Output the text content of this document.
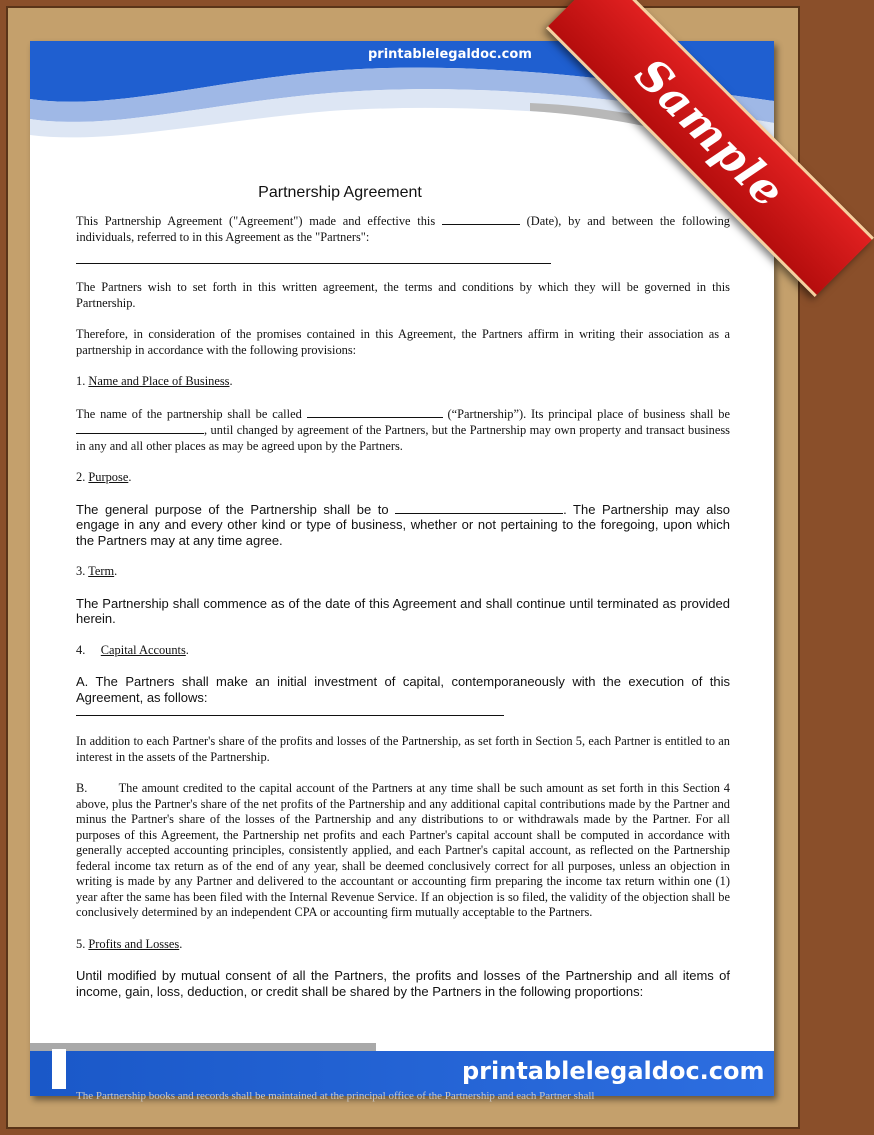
printablelegaldoc.com Sample
Partnership Agreement

This Partnership Agreement ("Agreement") made and effective this	(Date), by and between the following individuals, referred to in this Agreement as the "Partners":

The Partners wish to set forth in this written agreement, the terms and conditions by which they will be governed in this Partnership.

Therefore, in consideration of the promises contained in this Agreement, the Partners affirm in writing their association as a partnership in accordance with the following provisions:

1. Name and Place of Business.

The name of the partnership shall be called	(“Partnership”). Its principal place of business shall be , until changed by agreement of the Partners, but the Partnership may own property and transact business in any and all other places as may be agreed upon by the Partners.

2. Purpose.

The general purpose of the Partnership shall be to	. The Partnership may also engage in any and every other kind or type of business, whether or not pertaining to the foregoing, upon which the Partners may at any time agree.

3. Term.

The Partnership shall commence as of the date of this Agreement and shall continue until terminated as provided herein.

4. Capital Accounts.

A. The Partners shall make an initial investment of capital, contemporaneously with the execution of this Agreement, as follows:

In addition to each Partner's share of the profits and losses of the Partnership, as set forth in Section 5, each Partner is entitled to an interest in the assets of the Partnership.

B.	The amount credited to the capital account of the Partners at any time shall be such amount as set forth in this Section 4 above, plus the Partner's share of the net profits of the Partnership and any additional capital contributions made by the Partner and minus the Partner's share of the losses of the Partnership and any distributions to or withdrawals made by the Partner. For all purposes of this Agreement, the Partnership net profits and each Partner's capital account shall be computed in accordance with generally accepted accounting principles, consistently applied, and each Partner's capital account, as reflected on the Partnership federal income tax return as of the end of any year, shall be deemed conclusively correct for all purposes, unless an objection in writing is made by any Partner and delivered to the accountant or accounting firm preparing the income tax return within one (1) year after the same has been filed with the Internal Revenue Service. If an objection is so filed, the validity of the objection shall be conclusively determined by an independent CPA or accounting firm mutually acceptable to the Partners.

5. Profits and Losses.

Until modified by mutual consent of all the Partners, the profits and losses of the Partnership and all items of income, gain, loss, deduction, or credit shall be shared by the Partners in the following proportions:

printablelegaldoc.com
The Partnership books and records shall be maintained at the principal office of the Partnership and each Partner shall
